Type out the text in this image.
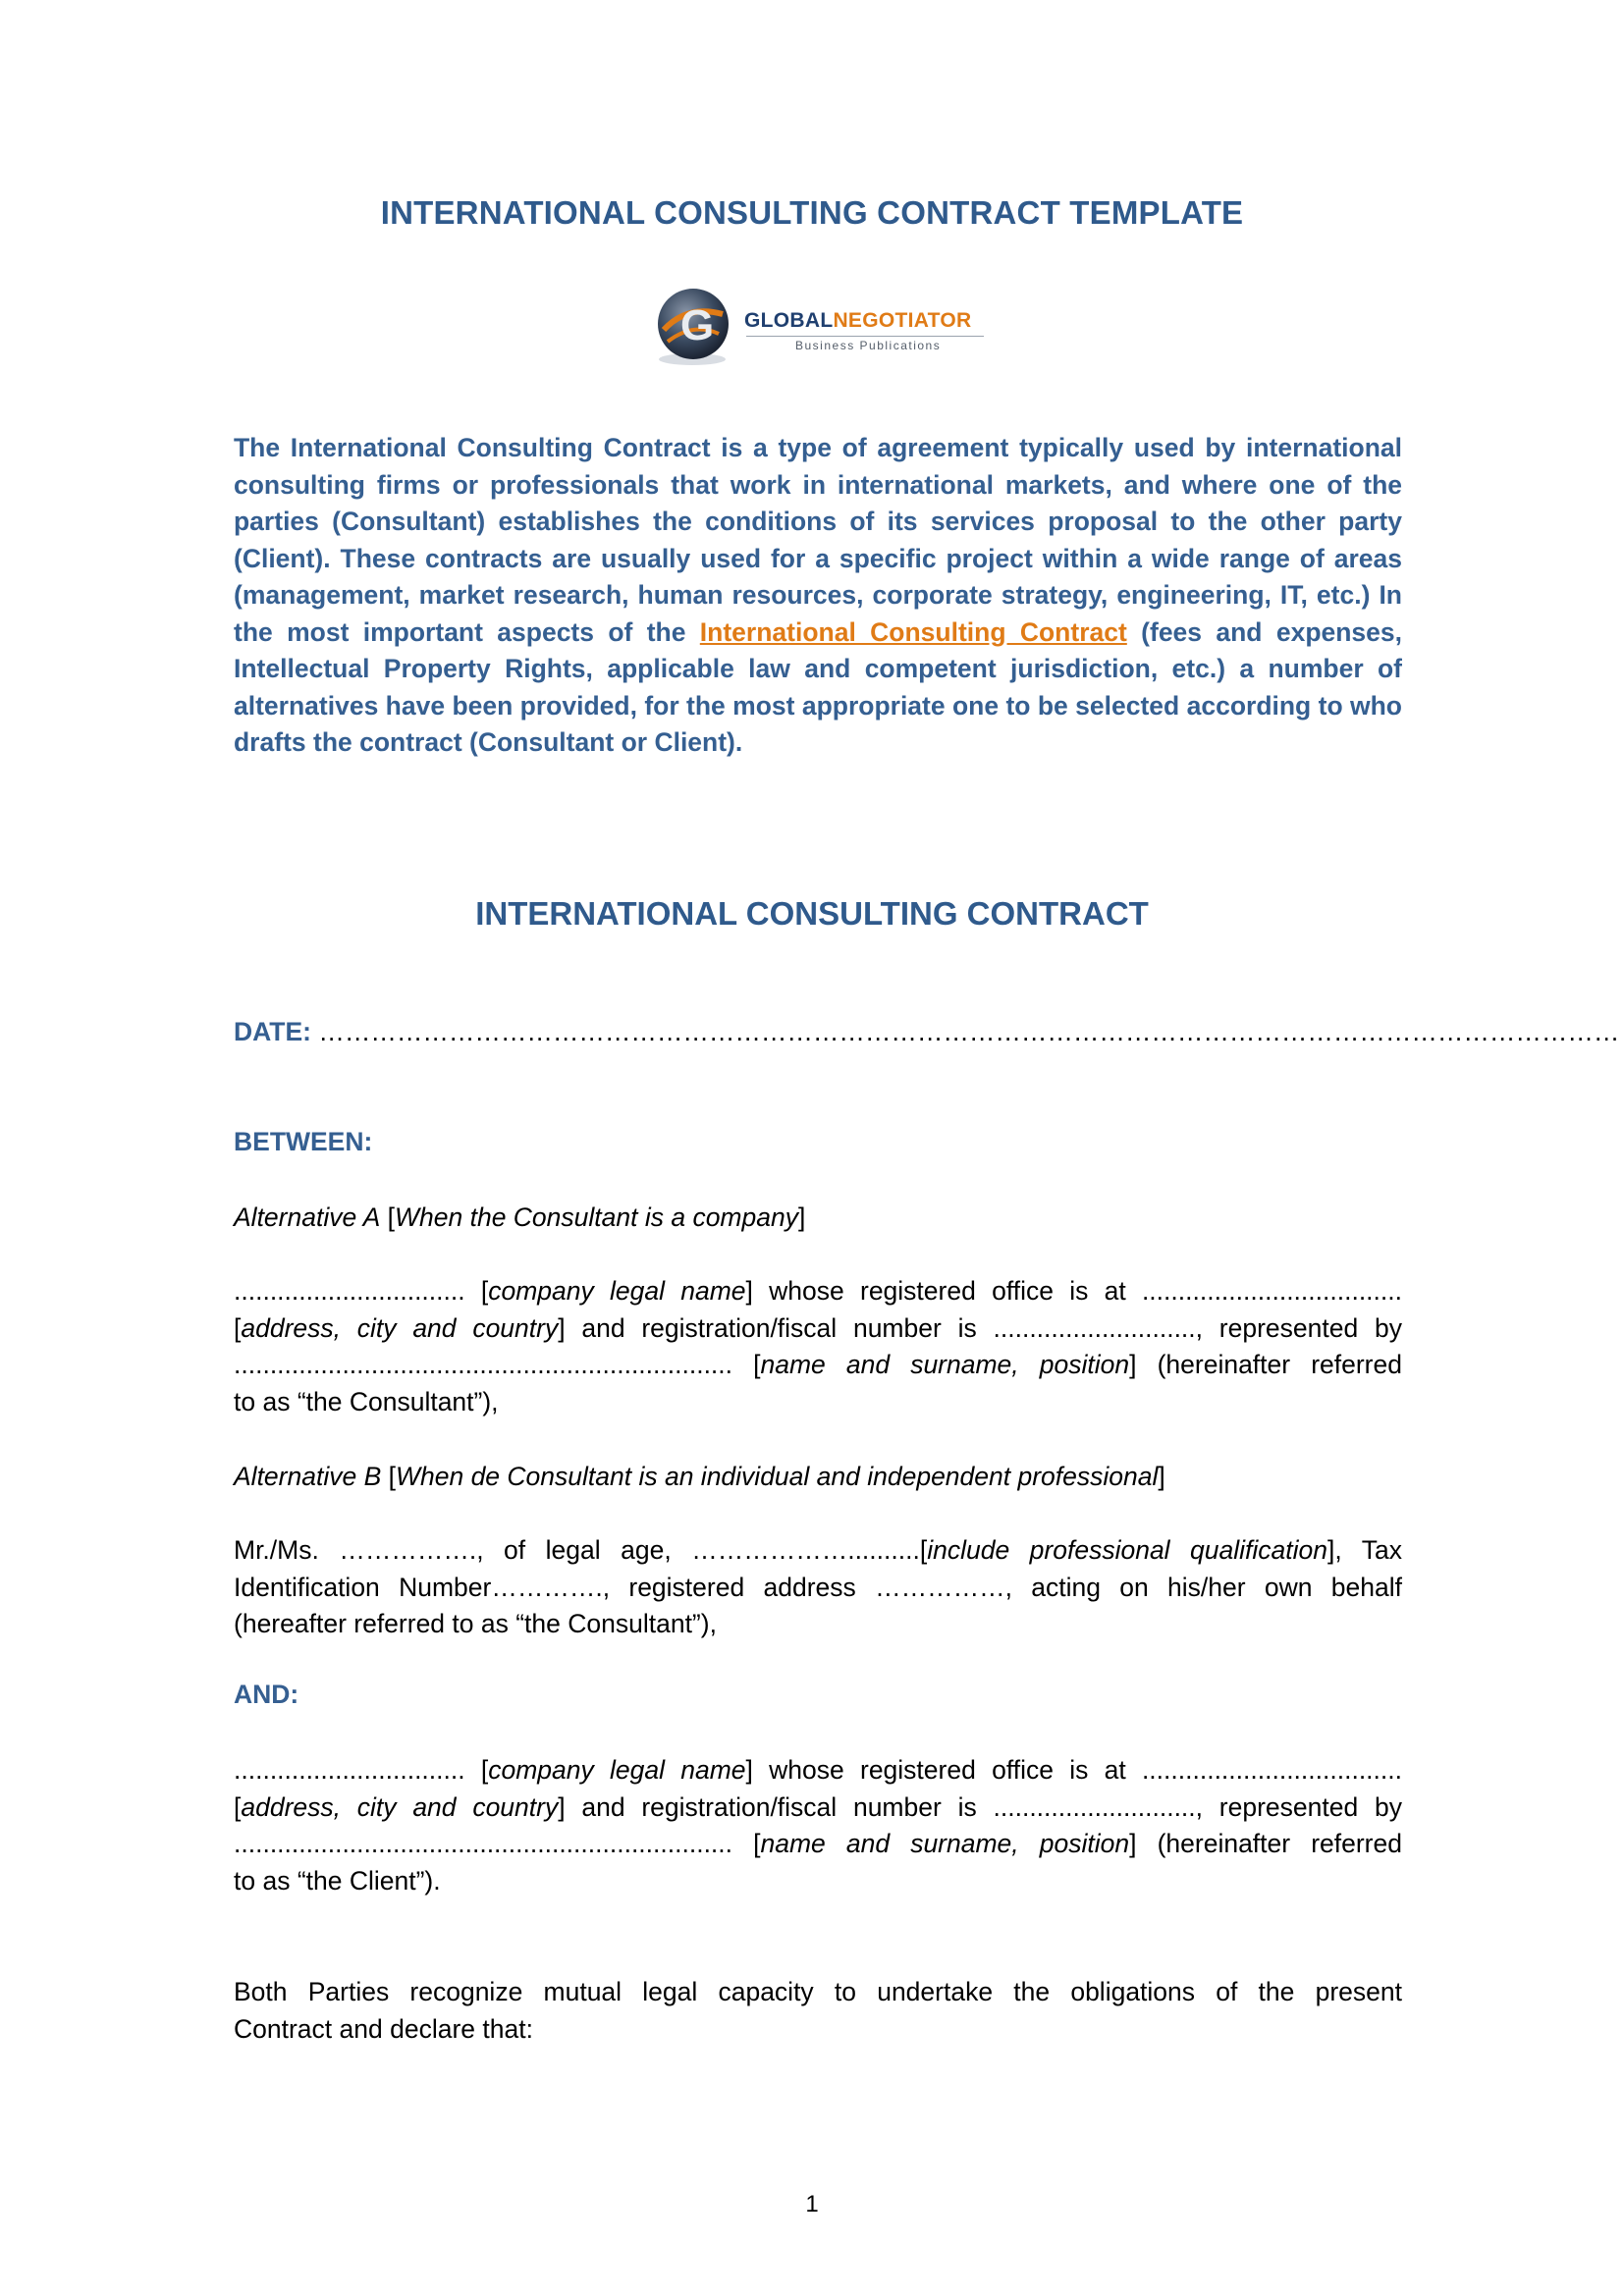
INTERNATIONAL CONSULTING CONTRACT TEMPLATE
G GLOBALNEGOTIATOR
Business Publications
The International Consulting Contract is a type of agreement typically used by international consulting firms or professionals that work in international markets, and where one of the parties (Consultant) establishes the conditions of its services proposal to the other party (Client). These contracts are usually used for a specific project within a wide range of areas (management, market research, human resources, corporate strategy, engineering, IT, etc.) In the most important aspects of the International Consulting Contract (fees and expenses, Intellectual Property Rights, applicable law and competent jurisdiction, etc.) a number of alternatives have been provided, for the most appropriate one to be selected according to who drafts the contract (Consultant or Client).
INTERNATIONAL CONSULTING CONTRACT
DATE: ……………………………………………………………………………………………………………………………………
BETWEEN:
Alternative A [When the Consultant is a company]
................................ [company legal name] whose registered office is at ....................................
[address, city and country] and registration/fiscal number is ............................, represented by
..................................................................... [name and surname, position] (hereinafter referred
to as “the Consultant”),
Alternative B [When de Consultant is an individual and independent professional]
Mr./Ms. ……………., of legal age, ………………..........[include professional qualification], Tax
Identification Number…………., registered address ……………, acting on his/her own behalf
(hereafter referred to as “the Consultant”),
AND:
................................ [company legal name] whose registered office is at ....................................
[address, city and country] and registration/fiscal number is ............................, represented by
..................................................................... [name and surname, position] (hereinafter referred
to as “the Client”).
Both Parties recognize mutual legal capacity to undertake the obligations of the present
Contract and declare that:
1
